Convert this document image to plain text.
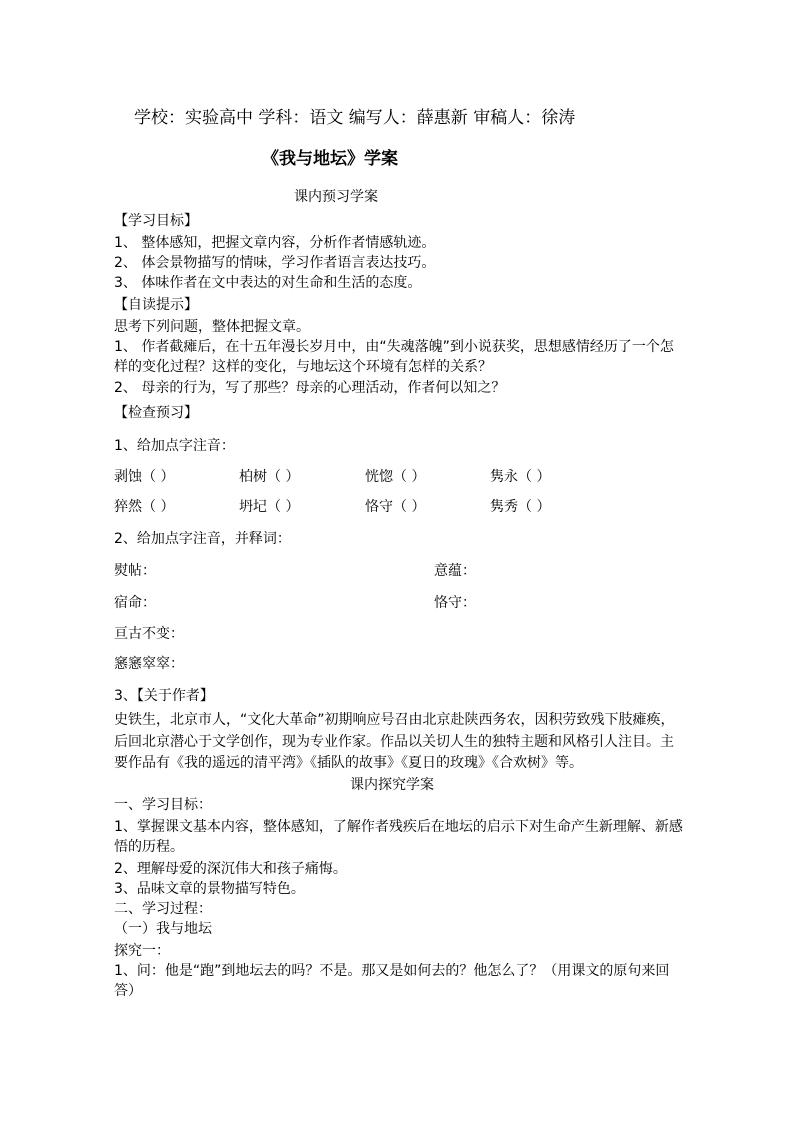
学校：实验高中 学科：语文 编写人：薛惠新 审稿人：徐涛
《我与地坛》学案
课内预习学案
【学习目标】
1、 整体感知，把握文章内容，分析作者情感轨迹。
2、 体会景物描写的情味，学习作者语言表达技巧。
3、 体味作者在文中表达的对生命和生活的态度。
【自读提示】
思考下列问题，整体把握文章。
1、 作者截瘫后，在十五年漫长岁月中，由“失魂落魄”到小说获奖，思想感情经历了一个怎
样的变化过程？这样的变化，与地坛这个环境有怎样的关系？
2、 母亲的行为，写了那些？母亲的心理活动，作者何以知之？
【检查预习】
1、给加点字注音：
剥蚀（ ）	柏树（ ）	恍惚（ ）	隽永（ ）
猝然（ ）	坍圮（ ）	恪守（ ）	隽秀（ ）
2、给加点字注音，并释词：
熨帖：	意蕴：
宿命：	恪守：
亘古不变：
窸窸窣窣：
3、【关于作者】
史铁生，北京市人，“文化大革命”初期响应号召由北京赴陕西务农，因积劳致残下肢瘫痪，
后回北京潜心于文学创作，现为专业作家。作品以关切人生的独特主题和风格引人注目。主
要作品有《我的遥远的清平湾》《插队的故事》《夏日的玫瑰》《合欢树》等。
课内探究学案
一、学习目标：
1、掌握课文基本内容，整体感知，了解作者残疾后在地坛的启示下对生命产生新理解、新感
悟的历程。
2、理解母爱的深沉伟大和孩子痛悔。
3、品味文章的景物描写特色。
二、学习过程：
（一）我与地坛
探究一：
1、问：他是“跑”到地坛去的吗？不是。那又是如何去的？他怎么了？（用课文的原句来回
答）
